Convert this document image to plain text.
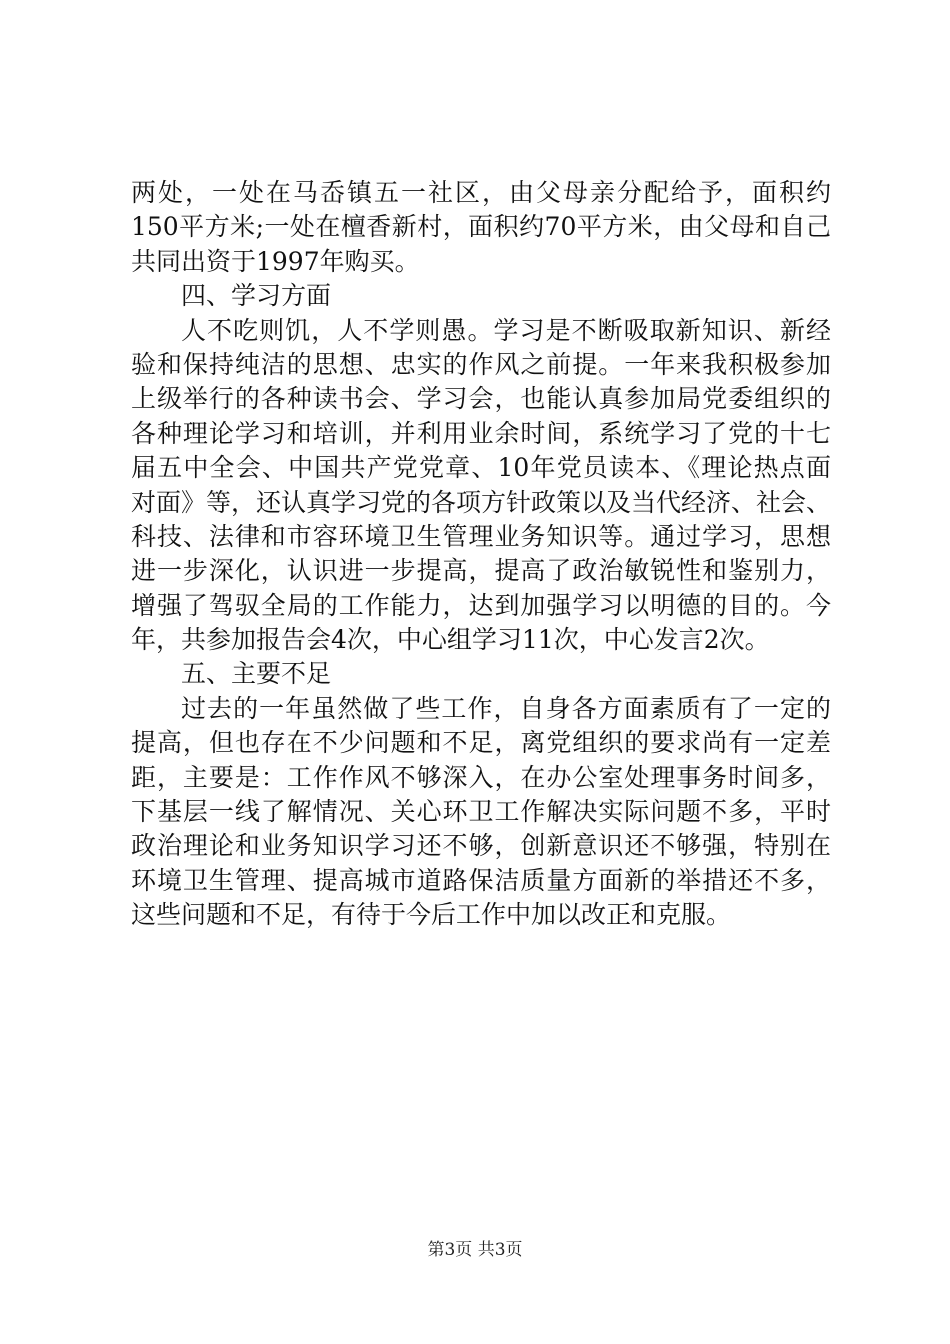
两处，一处在马岙镇五一社区，由父母亲分配给予，面积约
150平方米;一处在檀香新村，面积约70平方米，由父母和自己
共同出资于1997年购买。
四、学习方面
人不吃则饥，人不学则愚。学习是不断吸取新知识、新经
验和保持纯洁的思想、忠实的作风之前提。一年来我积极参加
上级举行的各种读书会、学习会，也能认真参加局党委组织的
各种理论学习和培训，并利用业余时间，系统学习了党的十七
届五中全会、中国共产党党章、10年党员读本、《理论热点面
对面》等，还认真学习党的各项方针政策以及当代经济、社会、
科技、法律和市容环境卫生管理业务知识等。通过学习，思想
进一步深化，认识进一步提高，提高了政治敏锐性和鉴别力，
增强了驾驭全局的工作能力，达到加强学习以明德的目的。今
年，共参加报告会4次，中心组学习11次，中心发言2次。
五、主要不足
过去的一年虽然做了些工作，自身各方面素质有了一定的
提高，但也存在不少问题和不足，离党组织的要求尚有一定差
距，主要是：工作作风不够深入，在办公室处理事务时间多，
下基层一线了解情况、关心环卫工作解决实际问题不多，平时
政治理论和业务知识学习还不够，创新意识还不够强，特别在
环境卫生管理、提高城市道路保洁质量方面新的举措还不多，
这些问题和不足，有待于今后工作中加以改正和克服。
第3页 共3页
